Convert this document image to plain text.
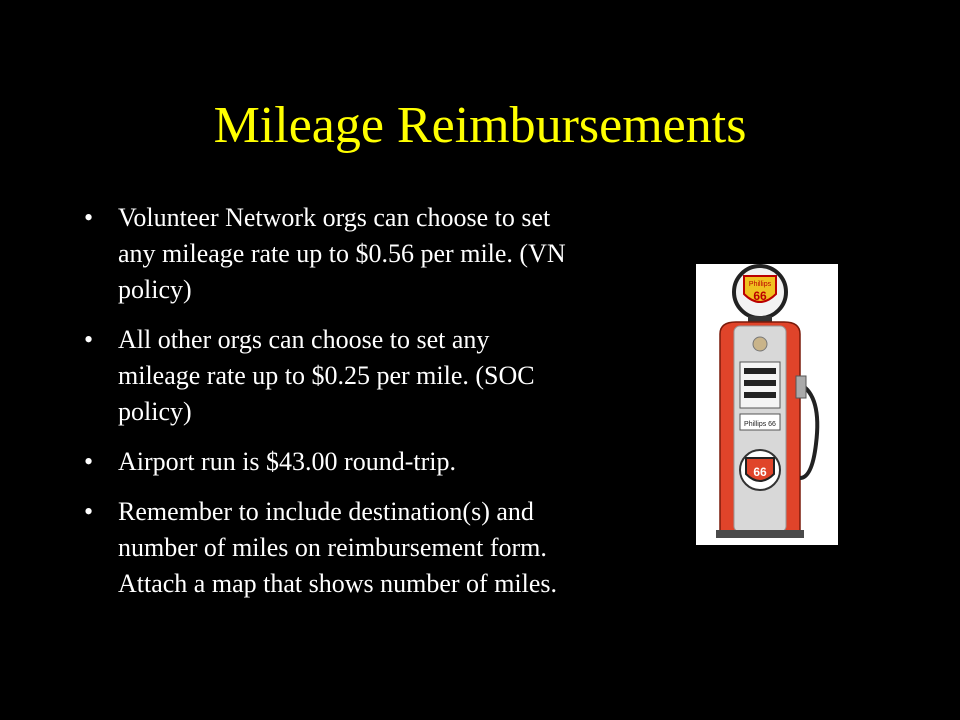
Mileage Reimbursements
• Volunteer Network orgs can choose to set any mileage rate up to $0.56 per mile. (VN policy)
• All other orgs can choose to set any mileage rate up to $0.25 per mile. (SOC policy)
• Airport run is $43.00 round-trip.
• Remember to include destination(s) and number of miles on reimbursement form. Attach a map that shows number of miles.
Phillips
66
Phillips 66
66
